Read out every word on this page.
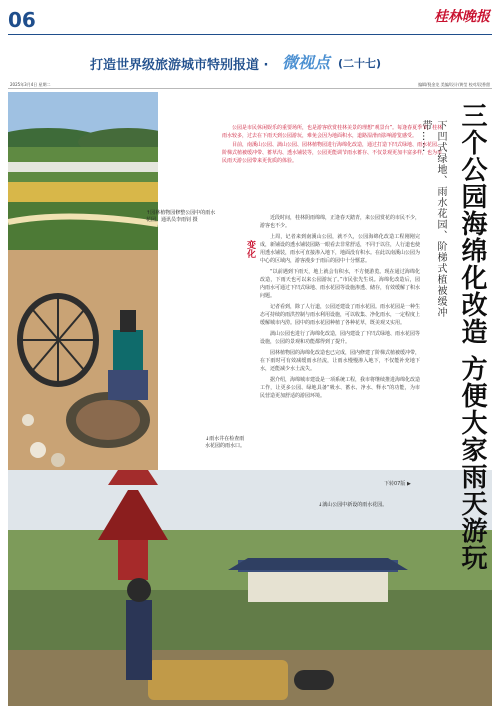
06	桂林晚报
打造世界级旅游城市特别报道 · 微视点 (二十七)
2025年3月4日 星期二	编辑/倪金龙 美编/设计/黄莹 校对/段香甜
↑园林植物园修整公园中的雨水花园。通讯员李雨钊 摄
↓雨水井在检查雨水花园的雨水口。
↓漓山公园中新设的雨水花园。

公园是市民休闲娱乐的重要场所，也是游客欣赏桂林美景的理想“观景台”。每逢春夏季节，桂林雨水较多，过去在下雨天到公园游玩，难免会因为地面积水，道路湿滑而影响游览感受。

目前，南溪山公园、漓山公园、园林植物园进行海绵化改造，通过打造下凹式绿地、雨水花园、阶梯式植被缓冲带、蓄草沟、透水铺装等，公园更能调节雨水蓄存、不仅景观更加丰富多样，也为市民雨天游公园带来更优质的体验。

变化

近段时间，桂林阴雨绵绵，正逢春天踏青，来公园赏花的市民不少，游客也不少。

上周，记者来到南溪山公园，就不久，公园海绵化改造工程刚刚完成，新铺设的透水铺装园路一眼看去非常舒适，不同于以往，人行道也使用透水铺装，雨水可直接渗入地下，地面没有积水。在此以南溪山公园为中心的区域内，游客漫步于雨后的园中十分惬意。

“以前遇到下雨天，地上就会有积水，不方便游览。现在通过海绵化改造，下雨天也可以来公园游玩了。”市民张先生说。海绵化改造后，园内雨水可通过下凹式绿地、雨水花园等设施渗透、储存，有效缓解了积水问题。

记者看到，除了人行道，公园还建设了雨水花园。雨水花园是一种生态可持续的雨洪控制与雨水利用设施，可以收集、净化雨水，一定程度上缓解城市内涝。园中的雨水花园种植了各种花草，既美观又实用。

漓山公园也进行了海绵化改造，园内建设了下凹式绿地、雨水花园等设施，公园的景观和功能都得到了提升。

园林植物园的海绵化改造也已完成，园内修建了阶梯式植被缓冲带，在下雨时可有效减缓雨水径流，让雨水慢慢渗入地下，不仅能补充地下水，还能减少水土流失。

据介绍，海绵城市建设是一项系统工程，我市将继续推进海绵化改造工作，让更多公园、绿地具备“吸水、蓄水、净水、释水”的功能，为市民营造更加舒适的游园环境。

下转07版 ▶ 三个公园海绵化改造 方便大家雨天游玩
下凹式绿地、雨水花园、阶梯式植被缓冲带……
